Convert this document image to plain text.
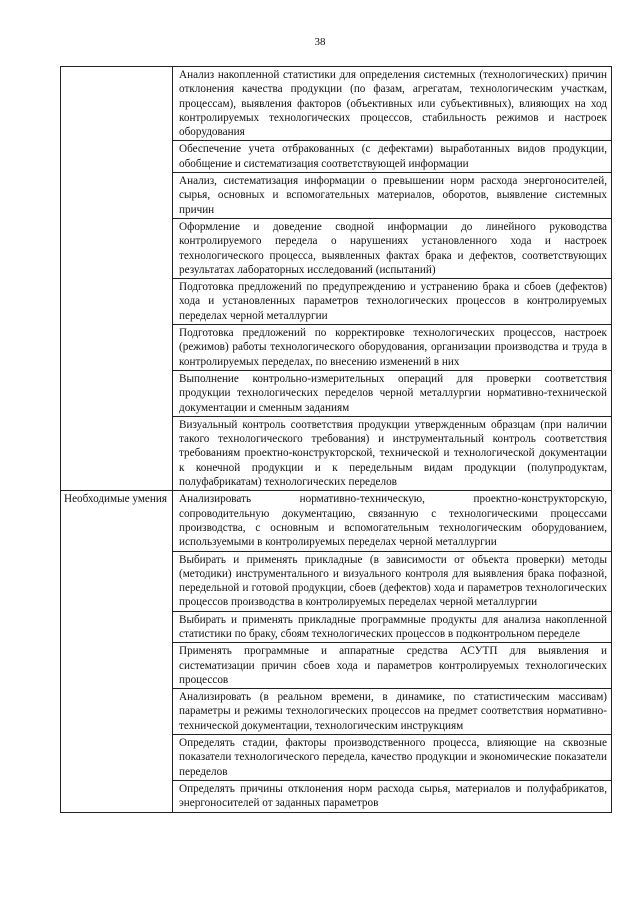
38
	Анализ накопленной статистики для определения системных (технологических) причин отклонения качества продукции (по фазам, агрегатам, технологическим участкам, процессам), выявления факторов (объективных или субъективных), влияющих на ход контролируемых технологических процессов, стабильность режимов и настроек оборудования
	Обеспечение учета отбракованных (с дефектами) выработанных видов продукции, обобщение и систематизация соответствующей информации
	Анализ, систематизация информации о превышении норм расхода энергоносителей, сырья, основных и вспомогательных материалов, оборотов, выявление системных причин
	Оформление и доведение сводной информации до линейного руководства контролируемого передела о нарушениях установленного хода и настроек технологического процесса, выявленных фактах брака и дефектов, соответствующих результатах лабораторных исследований (испытаний)
	Подготовка предложений по предупреждению и устранению брака и сбоев (дефектов) хода и установленных параметров технологических процессов в контролируемых переделах черной металлургии
	Подготовка предложений по корректировке технологических процессов, настроек (режимов) работы технологического оборудования, организации производства и труда в контролируемых переделах, по внесению изменений в них
	Выполнение контрольно-измерительных операций для проверки соответствия продукции технологических переделов черной металлургии нормативно-технической документации и сменным заданиям
	Визуальный контроль соответствия продукции утвержденным образцам (при наличии такого технологического требования) и инструментальный контроль соответствия требованиям проектно-конструкторской, технической и технологической документации к конечной продукции и к передельным видам продукции (полупродуктам, полуфабрикатам) технологических переделов
Необходимые умения	Анализировать нормативно-техническую, проектно-конструкторскую, сопроводительную документацию, связанную с технологическими процессами производства, с основным и вспомогательным технологическим оборудованием, используемыми в контролируемых переделах черной металлургии
	Выбирать и применять прикладные (в зависимости от объекта проверки) методы (методики) инструментального и визуального контроля для выявления брака пофазной, передельной и готовой продукции, сбоев (дефектов) хода и параметров технологических процессов производства в контролируемых переделах черной металлургии
	Выбирать и применять прикладные программные продукты для анализа накопленной статистики по браку, сбоям технологических процессов в подконтрольном переделе
	Применять программные и аппаратные средства АСУТП для выявления и систематизации причин сбоев хода и параметров контролируемых технологических процессов
	Анализировать (в реальном времени, в динамике, по статистическим массивам) параметры и режимы технологических процессов на предмет соответствия нормативно-технической документации, технологическим инструкциям
	Определять стадии, факторы производственного процесса, влияющие на сквозные показатели технологического передела, качество продукции и экономические показатели переделов
	Определять причины отклонения норм расхода сырья, материалов и полуфабрикатов, энергоносителей от заданных параметров
